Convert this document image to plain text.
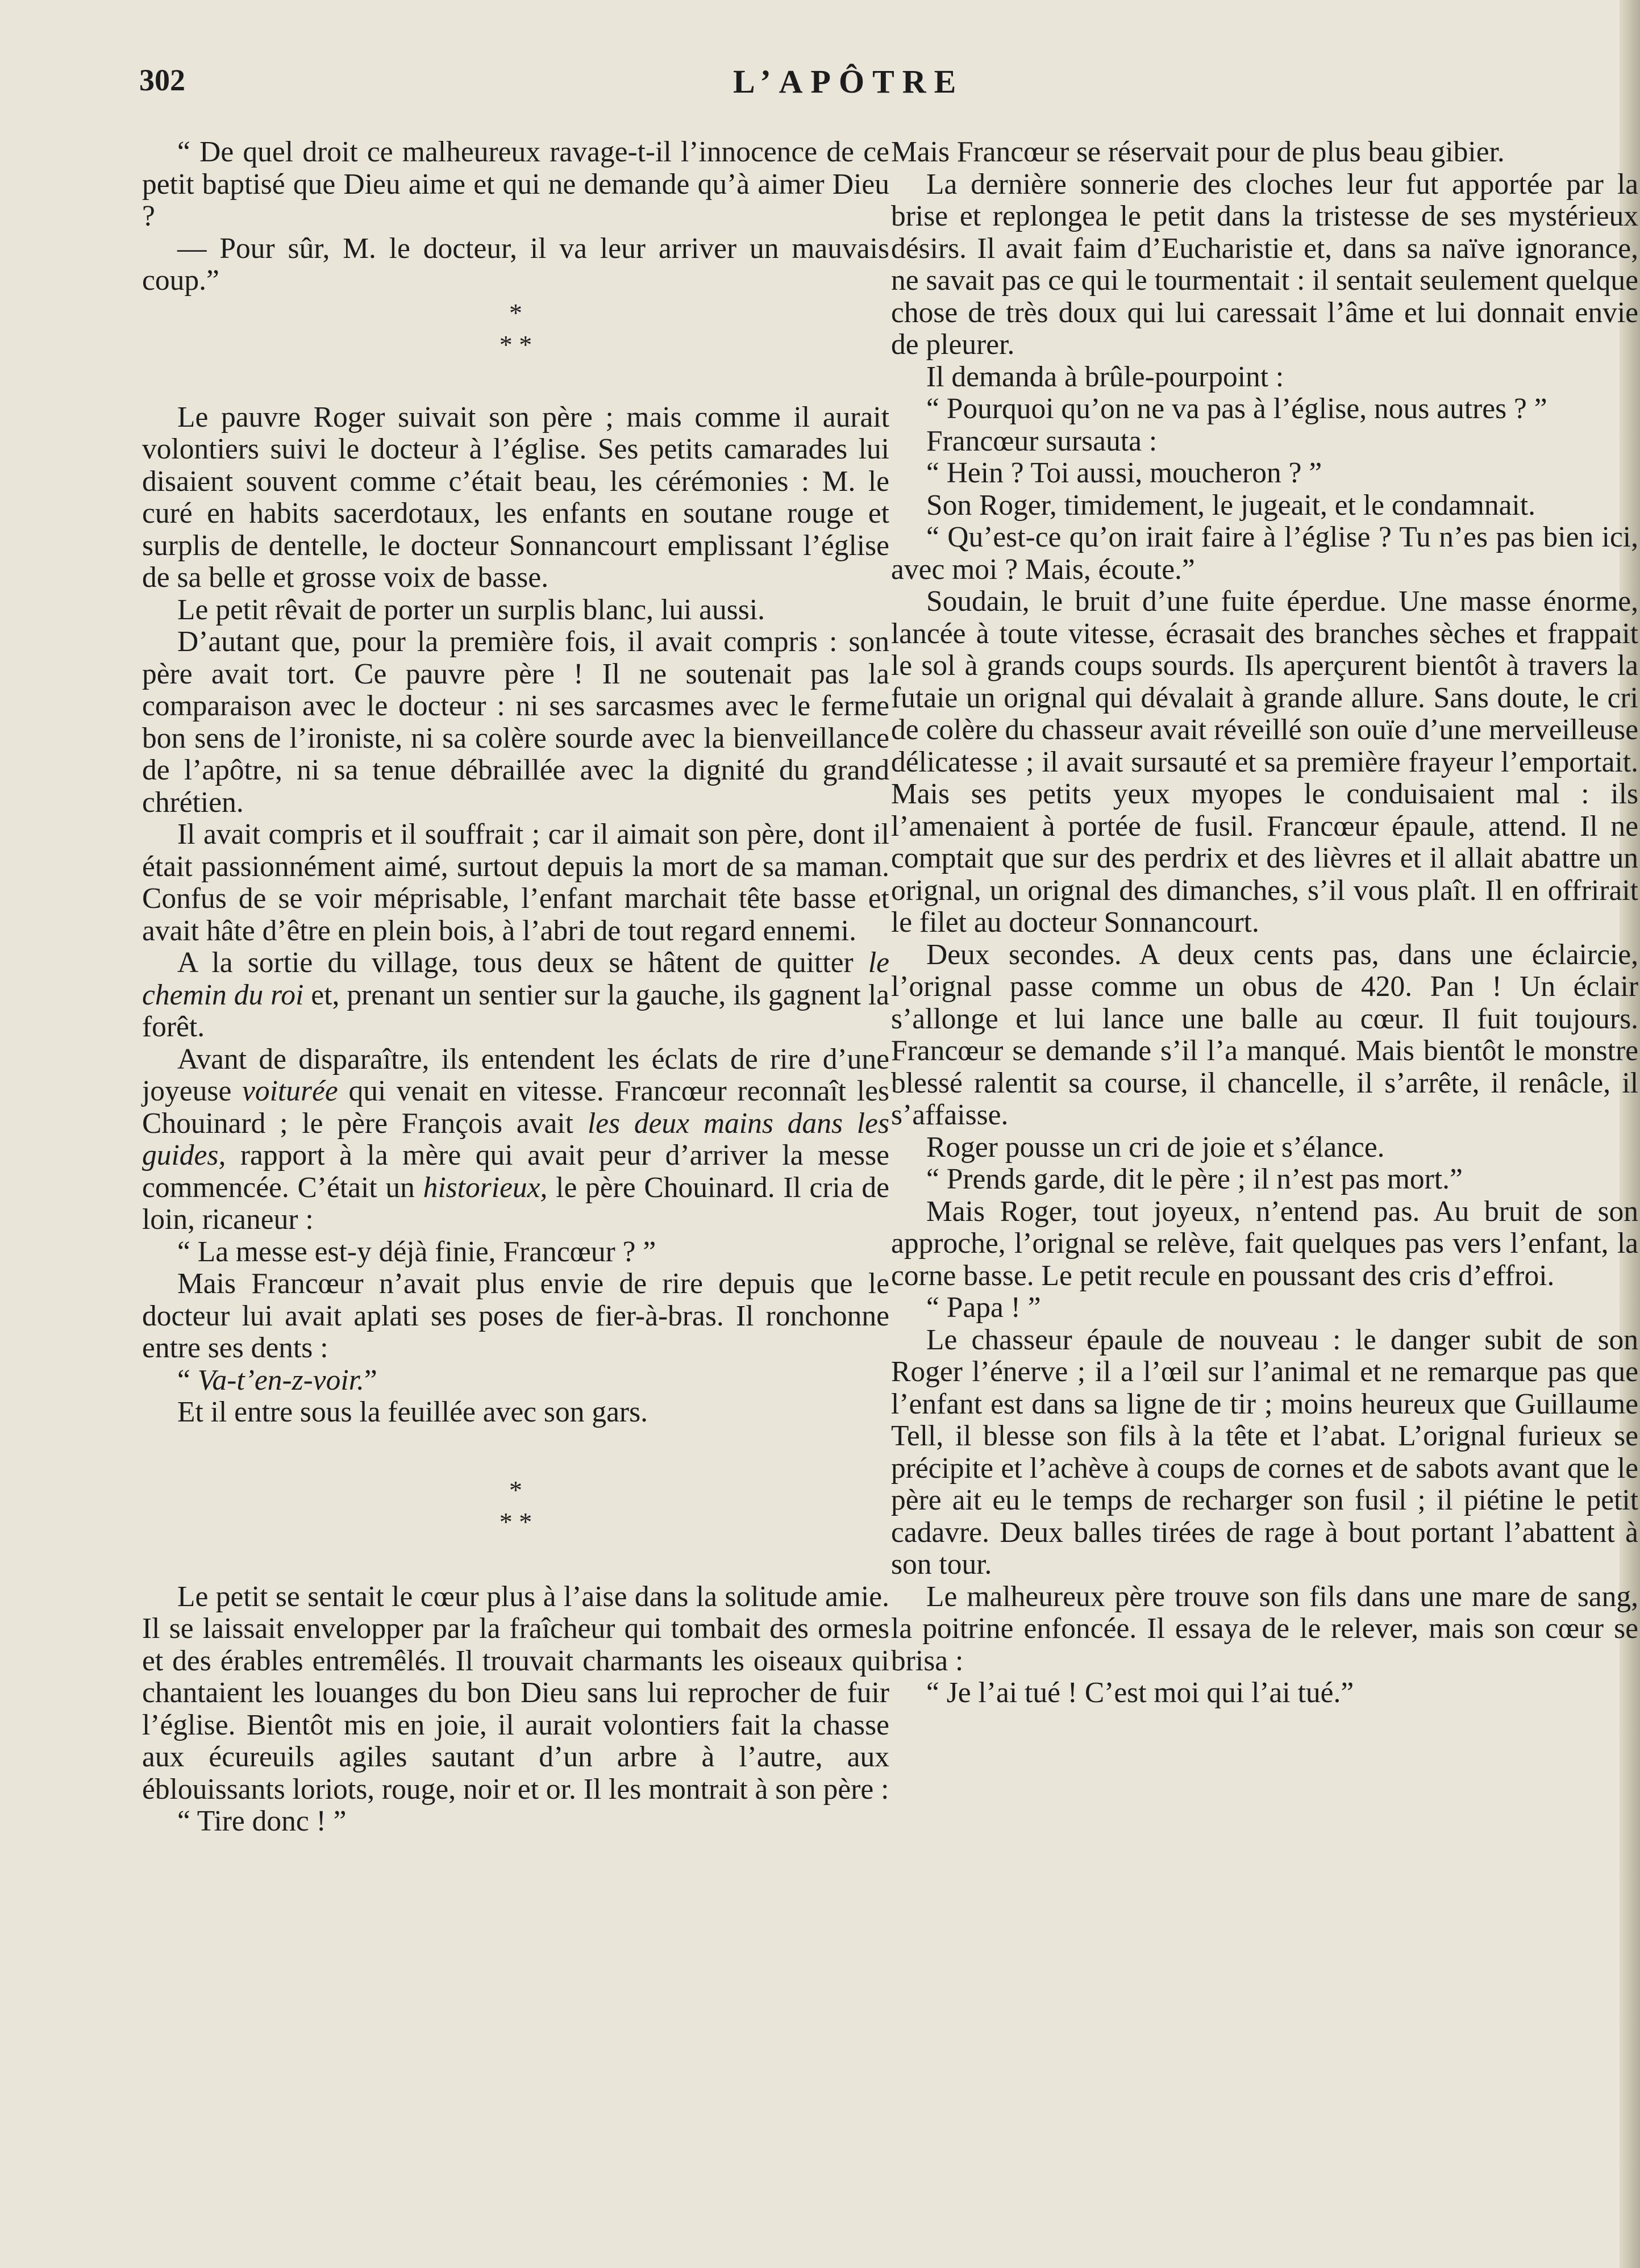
302	L’APÔTRE

“ De quel droit ce malheureux ravage-t-il l’innocence de ce petit baptisé que Dieu aime et qui ne demande qu’à aimer Dieu ?

— Pour sûr, M. le docteur, il va leur arriver un mauvais coup.”

*
* *

Le pauvre Roger suivait son père ; mais comme il aurait volontiers suivi le docteur à l’église. Ses petits camarades lui disaient souvent comme c’était beau, les cérémonies : M. le curé en habits sacerdotaux, les enfants en soutane rouge et surplis de dentelle, le docteur Sonnancourt emplissant l’église de sa belle et grosse voix de basse.

Le petit rêvait de porter un surplis blanc, lui aussi.

D’autant que, pour la première fois, il avait compris : son père avait tort. Ce pauvre père ! Il ne soutenait pas la comparaison avec le docteur : ni ses sarcasmes avec le ferme bon sens de l’ironiste, ni sa colère sourde avec la bienveillance de l’apôtre, ni sa tenue débraillée avec la dignité du grand chrétien.

Il avait compris et il souffrait ; car il aimait son père, dont il était passionnément aimé, surtout depuis la mort de sa maman. Confus de se voir méprisable, l’enfant marchait tête basse et avait hâte d’être en plein bois, à l’abri de tout regard ennemi.

A la sortie du village, tous deux se hâtent de quitter le chemin du roi et, prenant un sentier sur la gauche, ils gagnent la forêt.

Avant de disparaître, ils entendent les éclats de rire d’une joyeuse voiturée qui venait en vitesse. Francœur reconnaît les Chouinard ; le père François avait les deux mains dans les guides, rapport à la mère qui avait peur d’arriver la messe commencée. C’était un historieux, le père Chouinard. Il cria de loin, ricaneur :

“ La messe est-y déjà finie, Francœur ? ”

Mais Francœur n’avait plus envie de rire depuis que le docteur lui avait aplati ses poses de fier-à-bras. Il ronchonne entre ses dents :

“ Va-t’en-z-voir.”

Et il entre sous la feuillée avec son gars.

*
* *

Le petit se sentait le cœur plus à l’aise dans la solitude amie. Il se laissait envelopper par la fraîcheur qui tombait des ormes et des érables entremêlés. Il trouvait charmants les oiseaux qui chantaient les louanges du bon Dieu sans lui reprocher de fuir l’église. Bientôt mis en joie, il aurait volontiers fait la chasse aux écureuils agiles sautant d’un arbre à l’autre, aux éblouissants loriots, rouge, noir et or. Il les montrait à son père :

“ Tire donc ! ”

Mais Francœur se réservait pour de plus beau gibier.

La dernière sonnerie des cloches leur fut apportée par la brise et replongea le petit dans la tristesse de ses mystérieux désirs. Il avait faim d’Eucharistie et, dans sa naïve ignorance, ne savait pas ce qui le tourmentait : il sentait seulement quelque chose de très doux qui lui caressait l’âme et lui donnait envie de pleurer.

Il demanda à brûle-pourpoint :

“ Pourquoi qu’on ne va pas à l’église, nous autres ? ”

Francœur sursauta :

“ Hein ? Toi aussi, moucheron ? ”

Son Roger, timidement, le jugeait, et le condamnait.

“ Qu’est-ce qu’on irait faire à l’église ? Tu n’es pas bien ici, avec moi ? Mais, écoute.”

Soudain, le bruit d’une fuite éperdue. Une masse énorme, lancée à toute vitesse, écrasait des branches sèches et frappait le sol à grands coups sourds. Ils aperçurent bientôt à travers la futaie un orignal qui dévalait à grande allure. Sans doute, le cri de colère du chasseur avait réveillé son ouïe d’une merveilleuse délicatesse ; il avait sursauté et sa première frayeur l’emportait. Mais ses petits yeux myopes le conduisaient mal : ils l’amenaient à portée de fusil. Francœur épaule, attend. Il ne comptait que sur des perdrix et des lièvres et il allait abattre un orignal, un orignal des dimanches, s’il vous plaît. Il en offrirait le filet au docteur Sonnancourt.

Deux secondes. A deux cents pas, dans une éclaircie, l’orignal passe comme un obus de 420. Pan ! Un éclair s’allonge et lui lance une balle au cœur. Il fuit toujours. Francœur se demande s’il l’a manqué. Mais bientôt le monstre blessé ralentit sa course, il chancelle, il s’arrête, il renâcle, il s’affaisse.

Roger pousse un cri de joie et s’élance.

“ Prends garde, dit le père ; il n’est pas mort.”

Mais Roger, tout joyeux, n’entend pas. Au bruit de son approche, l’orignal se relève, fait quelques pas vers l’enfant, la corne basse. Le petit recule en poussant des cris d’effroi.

“ Papa ! ”

Le chasseur épaule de nouveau : le danger subit de son Roger l’énerve ; il a l’œil sur l’animal et ne remarque pas que l’enfant est dans sa ligne de tir ; moins heureux que Guillaume Tell, il blesse son fils à la tête et l’abat. L’orignal furieux se précipite et l’achève à coups de cornes et de sabots avant que le père ait eu le temps de recharger son fusil ; il piétine le petit cadavre. Deux balles tirées de rage à bout portant l’abattent à son tour.

Le malheureux père trouve son fils dans une mare de sang, la poitrine enfoncée. Il essaya de le relever, mais son cœur se brisa :

“ Je l’ai tué ! C’est moi qui l’ai tué.”
